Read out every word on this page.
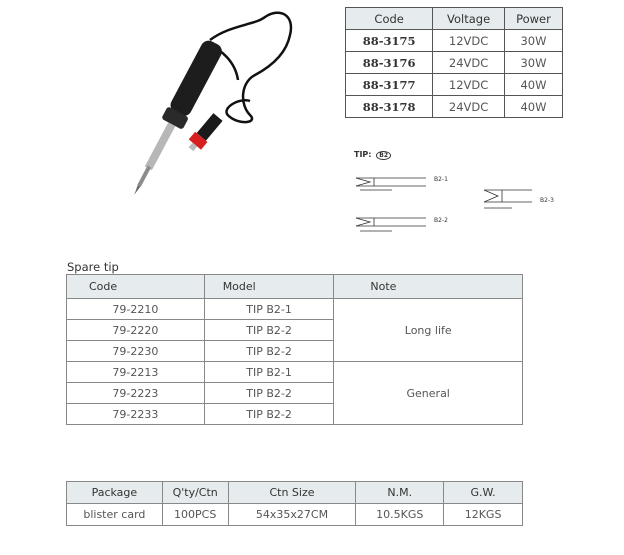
Code	Voltage	Power
88-3175	12VDC	30W
88-3176	24VDC	30W
88-3177	12VDC	40W
88-3178	24VDC	40W
TIP: B2
B2-1
B2-3
B2-2
Spare tip
Code	Model	Note
79-2210	TIP B2-1	Long life
79-2220	TIP B2-2	
79-2230	TIP B2-2	
79-2213	TIP B2-1	General
79-2223	TIP B2-2	
79-2233	TIP B2-2	
Package	Q'ty/Ctn	Ctn Size	N.M.	G.W.
blister card	100PCS	54x35x27CM	10.5KGS	12KGS
